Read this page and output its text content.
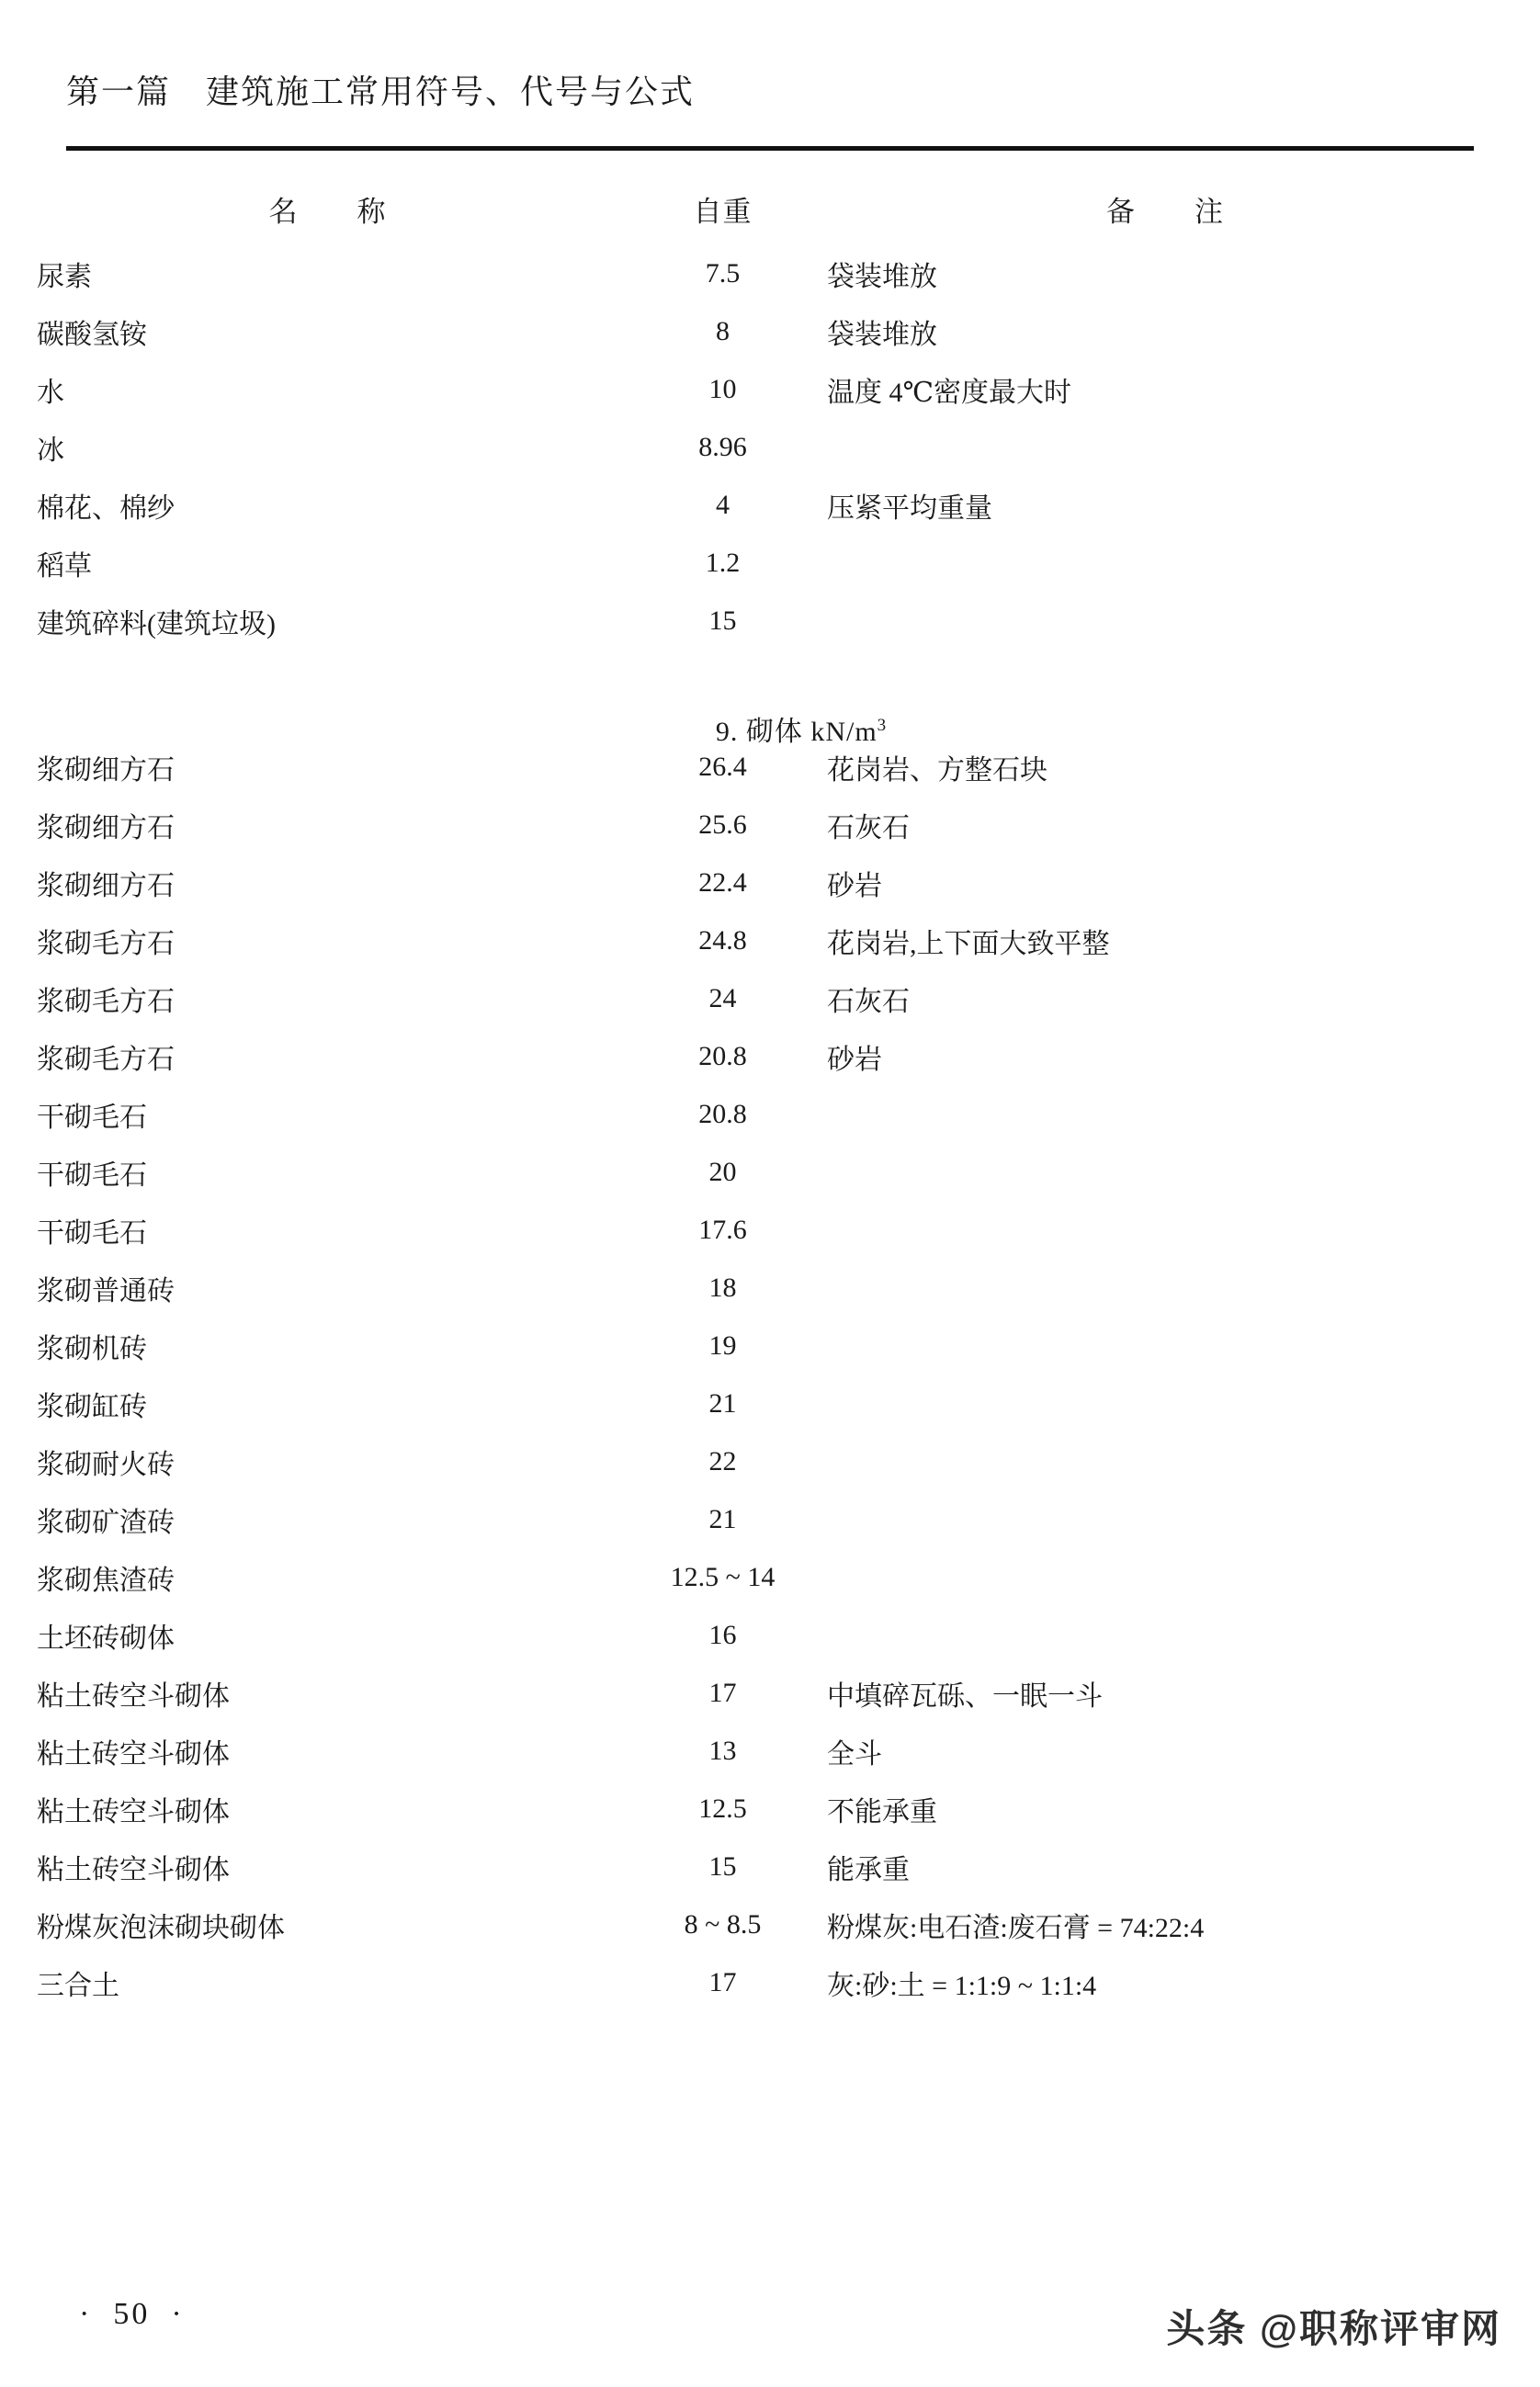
第一篇　建筑施工常用符号、代号与公式
名　　称	自重	备　　注
尿素	7.5	袋装堆放
碳酸氢铵	8	袋装堆放
水	10	温度 4℃密度最大时
冰	8.96	
棉花、棉纱	4	压紧平均重量
稻草	1.2	
建筑碎料(建筑垃圾)	15	

9. 砌体 $kN/m^3$

浆砌细方石	26.4	花岗岩、方整石块
浆砌细方石	25.6	石灰石
浆砌细方石	22.4	砂岩
浆砌毛方石	24.8	花岗岩,上下面大致平整
浆砌毛方石	24	石灰石
浆砌毛方石	20.8	砂岩
干砌毛石	20.8	
干砌毛石	20	
干砌毛石	17.6	
浆砌普通砖	18	
浆砌机砖	19	
浆砌缸砖	21	
浆砌耐火砖	22	
浆砌矿渣砖	21	
浆砌焦渣砖	12.5 ~ 14	
土坯砖砌体	16	
粘土砖空斗砌体	17	中填碎瓦砾、一眠一斗
粘土砖空斗砌体	13	全斗
粘土砖空斗砌体	12.5	不能承重
粘土砖空斗砌体	15	能承重
粉煤灰泡沫砌块砌体	8 ~ 8.5	粉煤灰:电石渣:废石膏 = 74:22:4
三合土	17	灰:砂:土 = 1:1:9 ~ 1:1:4
·  50  ·	头条 @职称评审网
